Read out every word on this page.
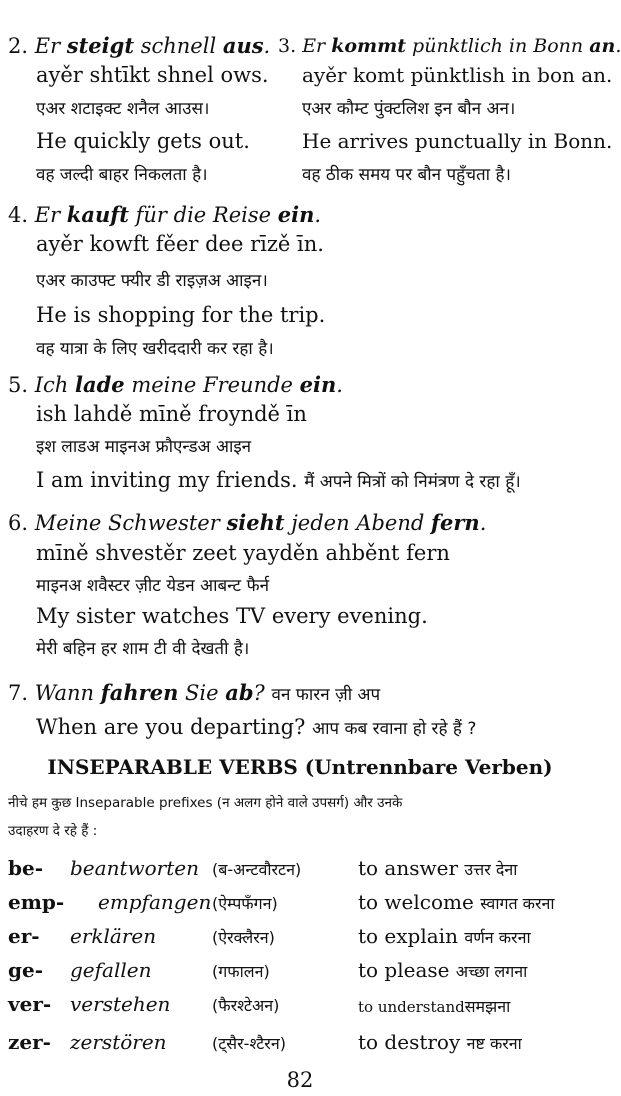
2. Er steigt schnell aus.
ayěr shtīkt shnel ows.
एअर शटाइक्ट शनैल आउस।
He quickly gets out.
वह जल्दी बाहर निकलता है।
3. Er kommt pünktlich in Bonn an.
ayěr komt pünktlish in bon an.
एअर कौम्ट पुंक्टलिश इन बौन अन।
He arrives punctually in Bonn.
वह ठीक समय पर बौन पहुँचता है।
4. Er kauft für die Reise ein.
ayěr kowft fěer dee rīzě īn.
एअर काउफ्ट फ्यीर डी राइज़अ आइन।
He is shopping for the trip.
वह यात्रा के लिए खरीददारी कर रहा है।
5. Ich lade meine Freunde ein.
ish lahdě mīně froyndě īn
इश लाडअ माइनअ फ्रौएन्डअ आइन
I am inviting my friends. मैं अपने मित्रों को निमंत्रण दे रहा हूँ।
6. Meine Schwester sieht jeden Abend fern.
mīně shvestěr zeet yayděn ahběnt fern
माइनअ शवैस्टर ज़ीट येडन आबन्ट फैर्न
My sister watches TV every evening.
मेरी बहिन हर शाम टी वी देखती है।
7. Wann fahren Sie ab? वन फारन ज़ी अप
When are you departing? आप कब रवाना हो रहे हैं ?
INSEPARABLE VERBS (Untrennbare Verben)
नीचे हम कुछ Inseparable prefixes (न अलग होने वाले उपसर्ग) और उनके
उदाहरण दे रहे हैं :
be- beantworten (ब-अन्टवौरटन)	to answer उत्तर देना
emp- empfangen (ऐम्पफँगन)	to welcome स्वागत करना
er- erklären	(ऐरक्लैरन)	to explain वर्णन करना
ge- gefallen	(गफालन)	to please अच्छा लगना
ver- verstehen	(फैरश्टेअन)	to understandसमझना
zer- zerstören	(ट्सैर-श्टैरन)	to destroy नष्ट करना
82
